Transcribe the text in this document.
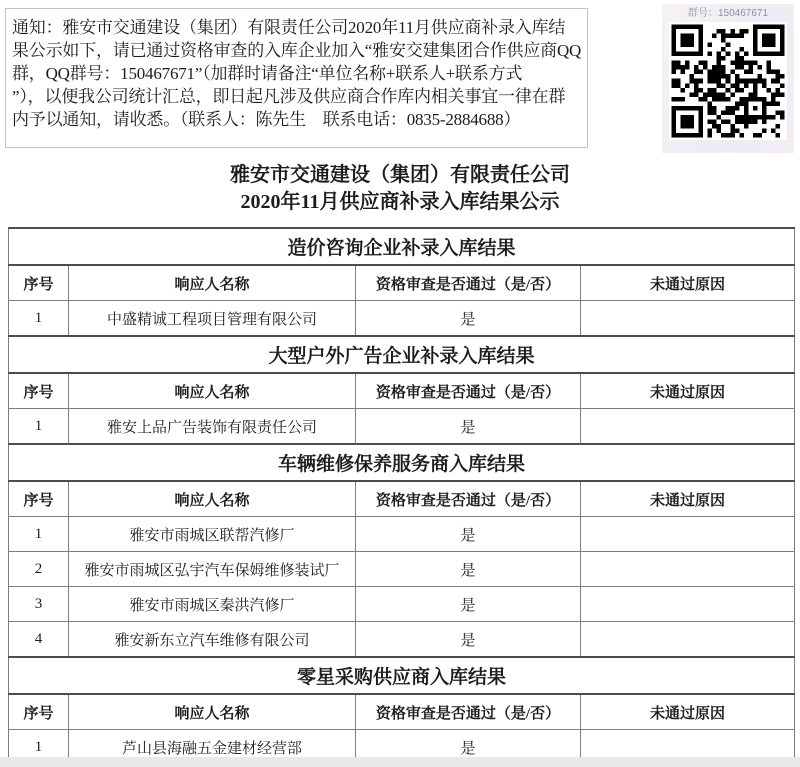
通知：雅安市交通建设（集团）有限责任公司2020年11月供应商补录入库结
果公示如下，请已通过资格审查的入库企业加入“雅安交建集团合作供应商QQ
群，QQ群号：150467671”（加群时请备注“单位名称+联系人+联系方式
”），以便我公司统计汇总，即日起凡涉及供应商合作库内相关事宜一律在群
内予以通知，请收悉。（联系人：陈先生　联系电话：0835-2884688）
群号：150467671
雅安市交通建设（集团）有限责任公司
2020年11月供应商补录入库结果公示
造价咨询企业补录入库结果			
序号	响应人名称	资格审查是否通过（是/否）	未通过原因
1	中盛精诚工程项目管理有限公司	是	
大型户外广告企业补录入库结果			
序号	响应人名称	资格审查是否通过（是/否）	未通过原因
1	雅安上品广告装饰有限责任公司	是	
车辆维修保养服务商入库结果			
序号	响应人名称	资格审查是否通过（是/否）	未通过原因
1	雅安市雨城区联帮汽修厂	是	
2	雅安市雨城区弘宇汽车保姆维修装试厂	是	
3	雅安市雨城区秦洪汽修厂	是	
4	雅安新东立汽车维修有限公司	是	
零星采购供应商入库结果			
序号	响应人名称	资格审查是否通过（是/否）	未通过原因
1	芦山县海融五金建材经营部	是	
